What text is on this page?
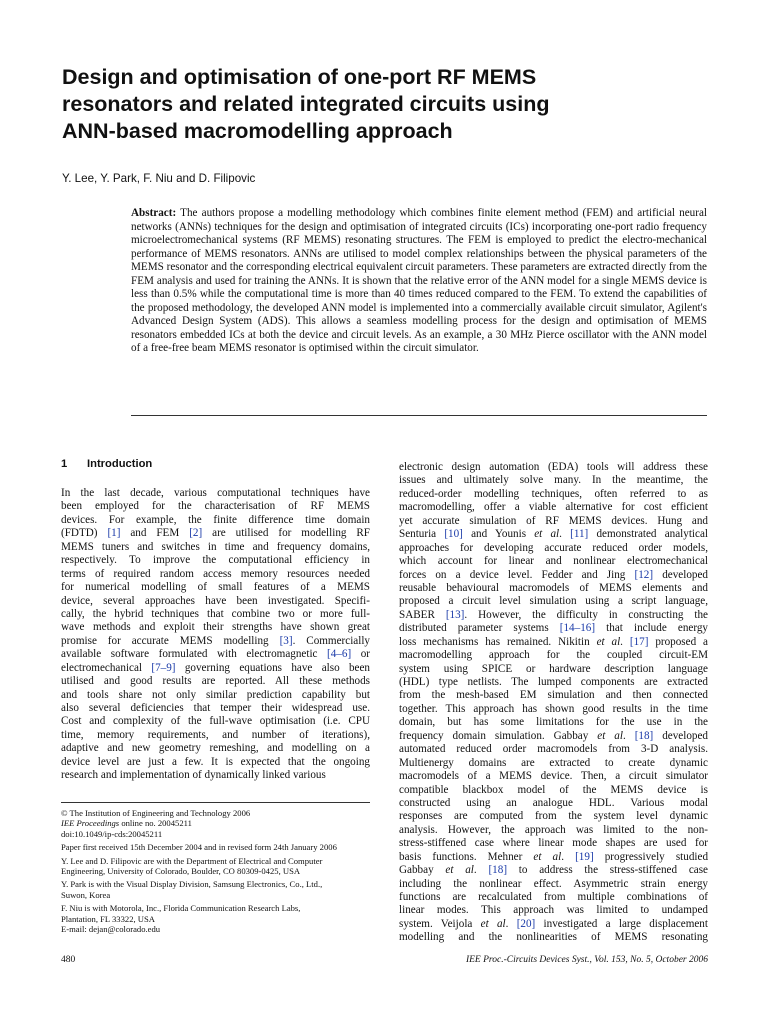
Design and optimisation of one-port RF MEMS
resonators and related integrated circuits using
ANN-based macromodelling approach
Y. Lee, Y. Park, F. Niu and D. Filipovic
Abstract: The authors propose a modelling methodology which combines finite element method (FEM) and artificial neural networks (ANNs) techniques for the design and optimisation of integrated circuits (ICs) incorporating one-port radio frequency microelectromechanical systems (RF MEMS) resonating structures. The FEM is employed to predict the electro-mechanical performance of MEMS resonators. ANNs are utilised to model complex relationships between the physical parameters of the MEMS resonator and the corresponding electrical equivalent circuit parameters. These parameters are extracted directly from the FEM analysis and used for training the ANNs. It is shown that the relative error of the ANN model for a single MEMS device is less than 0.5% while the computational time is more than 40 times reduced compared to the FEM. To extend the capabilities of the proposed methodology, the developed ANN model is implemented into a commercially available circuit simulator, Agilent's Advanced Design System (ADS). This allows a seamless modelling process for the design and optimisation of MEMS resonators embedded ICs at both the device and circuit levels. As an example, a 30 MHz Pierce oscillator with the ANN model of a free-free beam MEMS resonator is optimised within the circuit simulator.
1 Introduction
In the last decade, various computational techniques have
been employed for the characterisation of RF MEMS
devices. For example, the finite difference time domain
(FDTD) [1] and FEM [2] are utilised for modelling RF
MEMS tuners and switches in time and frequency domains,
respectively. To improve the computational efficiency in
terms of required random access memory resources needed
for numerical modelling of small features of a MEMS
device, several approaches have been investigated. Specifi-
cally, the hybrid techniques that combine two or more full-
wave methods and exploit their strengths have shown great
promise for accurate MEMS modelling [3]. Commercially
available software formulated with electromagnetic [4–6] or
electromechanical [7–9] governing equations have also been
utilised and good results are reported. All these methods
and tools share not only similar prediction capability but
also several deficiencies that temper their widespread use.
Cost and complexity of the full-wave optimisation (i.e. CPU
time, memory requirements, and number of iterations),
adaptive and new geometry remeshing, and modelling on a
device level are just a few. It is expected that the ongoing
research and implementation of dynamically linked various
electronic design automation (EDA) tools will address these
issues and ultimately solve many. In the meantime, the
reduced-order modelling techniques, often referred to as
macromodelling, offer a viable alternative for cost efficient
yet accurate simulation of RF MEMS devices. Hung and
Senturia [10] and Younis et al. [11] demonstrated analytical
approaches for developing accurate reduced order models,
which account for linear and nonlinear electromechanical
forces on a device level. Fedder and Jing [12] developed
reusable behavioural macromodels of MEMS elements and
proposed a circuit level simulation using a script language,
SABER [13]. However, the difficulty in constructing the
distributed parameter systems [14–16] that include energy
loss mechanisms has remained. Nikitin et al. [17] proposed a
macromodelling approach for the coupled circuit-EM
system using SPICE or hardware description language
(HDL) type netlists. The lumped components are extracted
from the mesh-based EM simulation and then connected
together. This approach has shown good results in the time
domain, but has some limitations for the use in the
frequency domain simulation. Gabbay et al. [18] developed
automated reduced order macromodels from 3-D analysis.
Multienergy domains are extracted to create dynamic
macromodels of a MEMS device. Then, a circuit simulator
compatible blackbox model of the MEMS device is
constructed using an analogue HDL. Various modal
responses are computed from the system level dynamic
analysis. However, the approach was limited to the non-
stress-stiffened case where linear mode shapes are used for
basis functions. Mehner et al. [19] progressively studied
Gabbay et al. [18] to address the stress-stiffened case
including the nonlinear effect. Asymmetric strain energy
functions are recalculated from multiple combinations of
linear modes. This approach was limited to undamped
system. Veijola et al. [20] investigated a large displacement
modelling and the nonlinearities of MEMS resonating
© The Institution of Engineering and Technology 2006
IEE Proceedings online no. 20045211
doi:10.1049/ip-cds:20045211
Paper first received 15th December 2004 and in revised form 24th January 2006
Y. Lee and D. Filipovic are with the Department of Electrical and Computer
Engineering, University of Colorado, Boulder, CO 80309-0425, USA
Y. Park is with the Visual Display Division, Samsung Electronics, Co., Ltd.,
Suwon, Korea
F. Niu is with Motorola, Inc., Florida Communication Research Labs,
Plantation, FL 33322, USA
E-mail: dejan@colorado.edu
480	IEE Proc.-Circuits Devices Syst., Vol. 153, No. 5, October 2006
